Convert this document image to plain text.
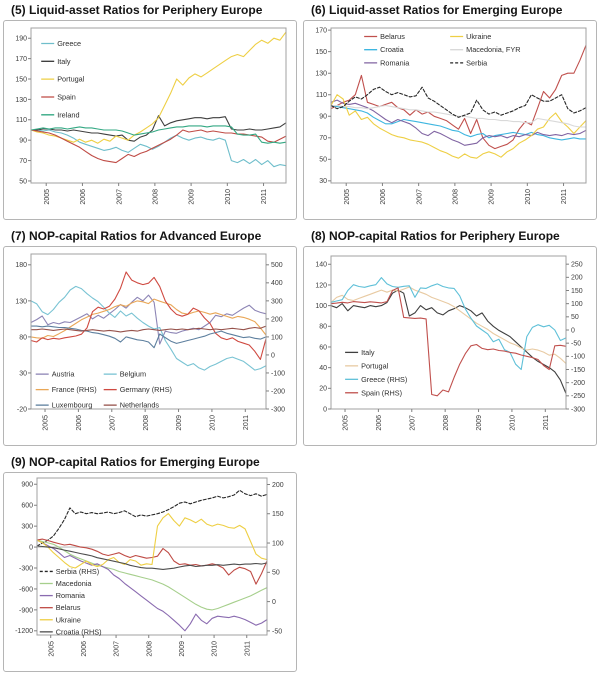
(5) Liquid-asset Ratios for Periphery Europe
50
70
90
110
130
150
170
190
2005	2006	2007	2008	2009	2010	2011
Greece
Italy
Portugal
Spain
Ireland
(6) Liquid-asset Ratios for Emerging Europe
30
50
70
90
110
130
150
170
2005	2006	2007	2008	2009	2010	2011
Belarus
Croatia
Romania
Ukraine
Macedonia, FYR
Serbia
(7) NOP-capital Ratios for Advanced Europe
-20
30
80
130
180
-300
-200
-100
0
100
200
300
400
500
2005	2006	2007	2008	2009	2010	2011
Austria	Belgium
France (RHS)	Germany (RHS)
Luxembourg	Netherlands
(8) NOP-capital Ratios for Periphery Europe
0
20
40
60
80
100
120
140
-300
-250
-200
-150
-100
-50
0
50
100
150
200
250
2005	2006	2007	2008	2009	2010	2011
Italy
Portugal
Greece (RHS)
Spain (RHS)
(9) NOP-capital Ratios for Emerging Europe
-1200
-900
-600
-300
0
300
600
900
-50
0
50
100
150
200
2005	2006	2007	2008	2009	2010	2011
Serbia (RHS)
Macedonia
Romania
Belarus
Ukraine
Croatia (RHS)
